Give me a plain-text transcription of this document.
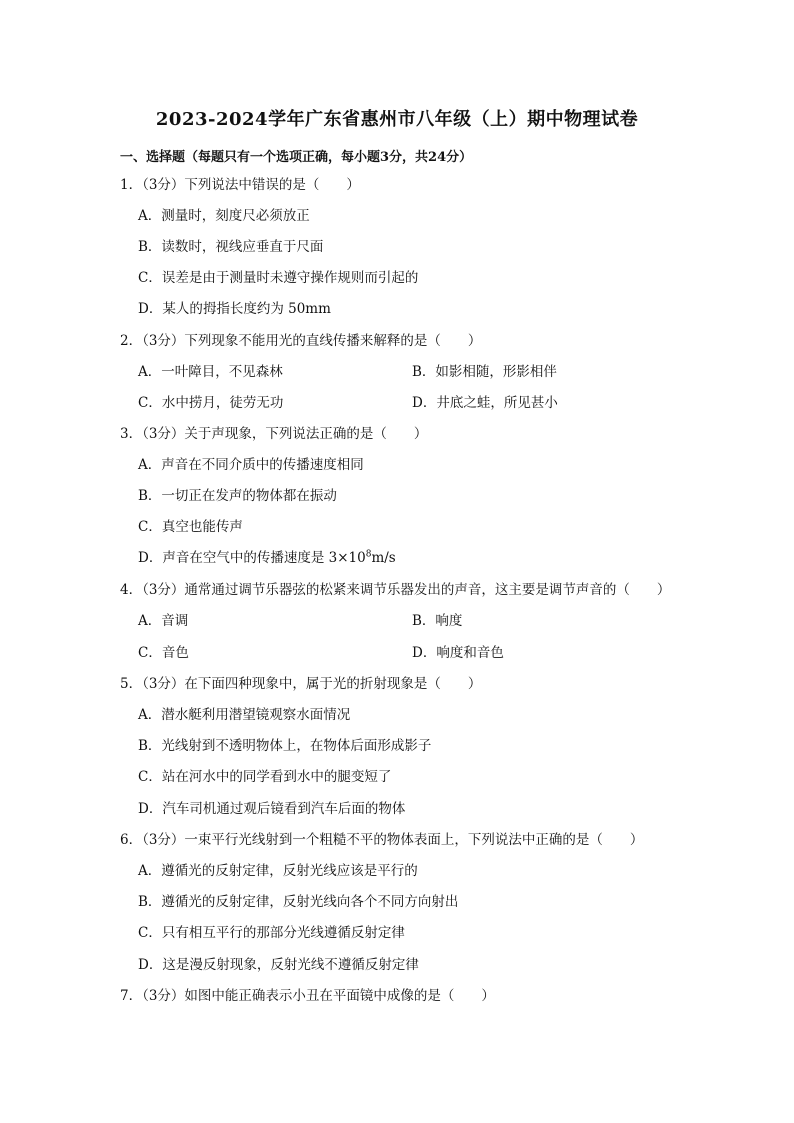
2023-2024学年广东省惠州市八年级（上）期中物理试卷
一、选择题（每题只有一个选项正确，每小题3分，共24分）
1．（3分）下列说法中错误的是（　　）
A．测量时，刻度尺必须放正
B．读数时，视线应垂直于尺面
C．误差是由于测量时未遵守操作规则而引起的
D．某人的拇指长度约为 50mm
2．（3分）下列现象不能用光的直线传播来解释的是（　　）
A．一叶障目，不见森林	B．如影相随，形影相伴
C．水中捞月，徒劳无功	D．井底之蛙，所见甚小
3．（3分）关于声现象，下列说法正确的是（　　）
A．声音在不同介质中的传播速度相同
B．一切正在发声的物体都在振动
C．真空也能传声
D．声音在空气中的传播速度是 $3\times 10^8m/s$
4．（3分）通常通过调节乐器弦的松紧来调节乐器发出的声音，这主要是调节声音的（　　）
A．音调	B．响度
C．音色	D．响度和音色
5．（3分）在下面四种现象中，属于光的折射现象是（　　）
A．潜水艇利用潜望镜观察水面情况
B．光线射到不透明物体上，在物体后面形成影子
C．站在河水中的同学看到水中的腿变短了
D．汽车司机通过观后镜看到汽车后面的物体
6．（3分）一束平行光线射到一个粗糙不平的物体表面上，下列说法中正确的是（　　）
A．遵循光的反射定律，反射光线应该是平行的
B．遵循光的反射定律，反射光线向各个不同方向射出
C．只有相互平行的那部分光线遵循反射定律
D．这是漫反射现象，反射光线不遵循反射定律
7．（3分）如图中能正确表示小丑在平面镜中成像的是（　　）
